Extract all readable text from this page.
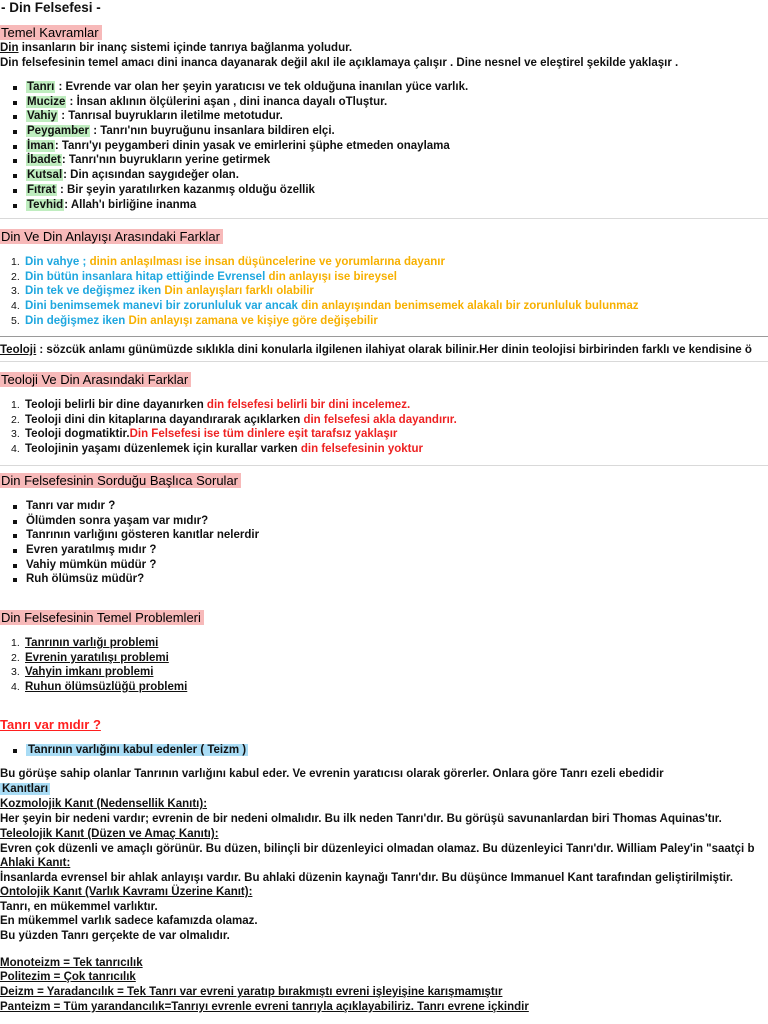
- Din Felsefesi -
Temel Kavramlar
Din insanların bir inanç sistemi içinde tanrıya bağlanma yoludur.
Din felsefesinin temel amacı dini inanca dayanarak değil akıl ile açıklamaya çalışır . Dine nesnel ve eleştirel şekilde yaklaşır .
Tanrı : Evrende var olan her şeyin yaratıcısı ve tek olduğuna inanılan yüce varlık.
Mucize : İnsan aklının ölçülerini aşan , dini inanca dayalı oTluştur.
Vahiy : Tanrısal buyrukların iletilme metotudur.
Peygamber : Tanrı'nın buyruğunu insanlara bildiren elçi.
İman: Tanrı'yı peygamberi dinin yasak ve emirlerini şüphe etmeden onaylama
İbadet: Tanrı'nın buyrukların yerine getirmek
Kutsal: Din açısından saygıdeğer olan.
Fıtrat : Bir şeyin yaratılırken kazanmış olduğu özellik
Tevhid: Allah'ı birliğine inanma
Din Ve Din Anlayışı Arasındaki Farklar
1. Din vahye ; dinin anlaşılması ise insan düşüncelerine ve yorumlarına dayanır
2. Din bütün insanlara hitap ettiğinde Evrensel din anlayışı ise bireysel
3. Din tek ve değişmez iken Din anlayışları farklı olabilir
4. Dini benimsemek manevi bir zorunluluk var ancak din anlayışından benimsemek alakalı bir zorunluluk bulunmaz
5. Din değişmez iken Din anlayışı zamana ve kişiye göre değişebilir
Teoloji : sözcük anlamı günümüzde sıklıkla dini konularla ilgilenen ilahiyat olarak bilinir.Her dinin teolojisi birbirinden farklı ve kendisine ö
Teoloji Ve Din Arasındaki Farklar
1. Teoloji belirli bir dine dayanırken din felsefesi belirli bir dini incelemez.
2. Teoloji dini din kitaplarına dayandırarak açıklarken din felsefesi akla dayandırır.
3. Teoloji dogmatiktir.Din Felsefesi ise tüm dinlere eşit tarafsız yaklaşır
4. Teolojinin yaşamı düzenlemek için kurallar varken din felsefesinin yoktur
Din Felsefesinin Sorduğu Başlıca Sorular
Tanrı var mıdır ?
Ölümden sonra yaşam var mıdır?
Tanrının varlığını gösteren kanıtlar nelerdir
Evren yaratılmış mıdır ?
Vahiy mümkün müdür ?
Ruh ölümsüz müdür?
Din Felsefesinin Temel Problemleri
1. Tanrının varlığı problemi
2. Evrenin yaratılışı problemi
3. Vahyin imkanı problemi
4. Ruhun ölümsüzlüğü problemi
Tanrı var mıdır ?
Tanrının varlığını kabul edenler ( Teizm )
Bu görüşe sahip olanlar Tanrının varlığını kabul eder. Ve evrenin yaratıcısı olarak görerler. Onlara göre Tanrı ezeli ebedidir
Kanıtları
Kozmolojik Kanıt (Nedensellik Kanıtı):
Her şeyin bir nedeni vardır; evrenin de bir nedeni olmalıdır. Bu ilk neden Tanrı'dır. Bu görüşü savunanlardan biri Thomas Aquinas'tır.
Teleolojik Kanıt (Düzen ve Amaç Kanıtı):
Evren çok düzenli ve amaçlı görünür. Bu düzen, bilinçli bir düzenleyici olmadan olamaz. Bu düzenleyici Tanrı'dır. William Paley'in "saatçi b
Ahlaki Kanıt:
İnsanlarda evrensel bir ahlak anlayışı vardır. Bu ahlaki düzenin kaynağı Tanrı'dır. Bu düşünce Immanuel Kant tarafından geliştirilmiştir.
Ontolojik Kanıt (Varlık Kavramı Üzerine Kanıt):
Tanrı, en mükemmel varlıktır.
En mükemmel varlık sadece kafamızda olamaz.
Bu yüzden Tanrı gerçekte de var olmalıdır.
Monoteizm = Tek tanrıcılık
Politezim = Çok tanrıcılık
Deizm = Yaradancılık = Tek Tanrı var evreni yaratıp bırakmıştı evreni işleyişine karışmamıştır
Panteizm = Tüm yarandancılık=Tanrıyı evrenle evreni tanrıyla açıklayabiliriz. Tanrı evrene içkindir
